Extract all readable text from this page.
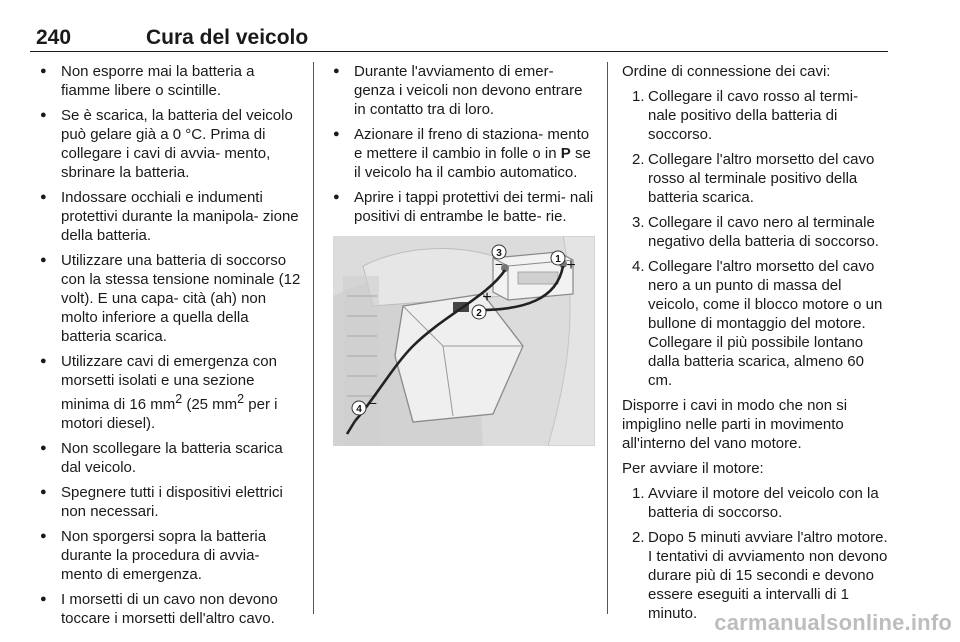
240	Cura del veicolo
● Non esporre mai la batteria a fiamme libere o scintille.
● Se è scarica, la batteria del veicolo può gelare già a 0 °C. Prima di collegare i cavi di avvia- mento, sbrinare la batteria.
● Indossare occhiali e indumenti protettivi durante la manipola- zione della batteria.
● Utilizzare una batteria di soccorso con la stessa tensione nominale (12 volt). E una capa- cità (ah) non molto inferiore a quella della batteria scarica.
● Utilizzare cavi di emergenza con morsetti isolati e una sezione minima di 16 $mm^2$ (25 $mm^2$ per i motori diesel).
● Non scollegare la batteria scarica dal veicolo.
● Spegnere tutti i dispositivi elettrici non necessari.
● Non sporgersi sopra la batteria durante la procedura di avvia- mento di emergenza.
● I morsetti di un cavo non devono toccare i morsetti dell'altro cavo.
● Durante l'avviamento di emer- genza i veicoli non devono entrare in contatto tra di loro.
● Azionare il freno di staziona- mento e mettere il cambio in folle o in P se il veicolo ha il cambio automatico.
● Aprire i tappi protettivi dei termi- nali positivi di entrambe le batte- rie.
1 +
3
−
2
+
4 −

Ordine di connessione dei cavi:

1. Collegare il cavo rosso al termi- nale positivo della batteria di soccorso.
2. Collegare l'altro morsetto del cavo rosso al terminale positivo della batteria scarica.
3. Collegare il cavo nero al terminale negativo della batteria di soccorso.
4. Collegare l'altro morsetto del cavo nero a un punto di massa del veicolo, come il blocco motore o un bullone di montaggio del motore. Collegare il più possibile lontano dalla batteria scarica, almeno 60 cm.

Disporre i cavi in modo che non si impiglino nelle parti in movimento all'interno del vano motore.

Per avviare il motore:

1. Avviare il motore del veicolo con la batteria di soccorso.
2. Dopo 5 minuti avviare l'altro motore. I tentativi di avviamento non devono durare più di 15 secondi e devono essere eseguiti a intervalli di 1 minuto. carmanualsonline.info
